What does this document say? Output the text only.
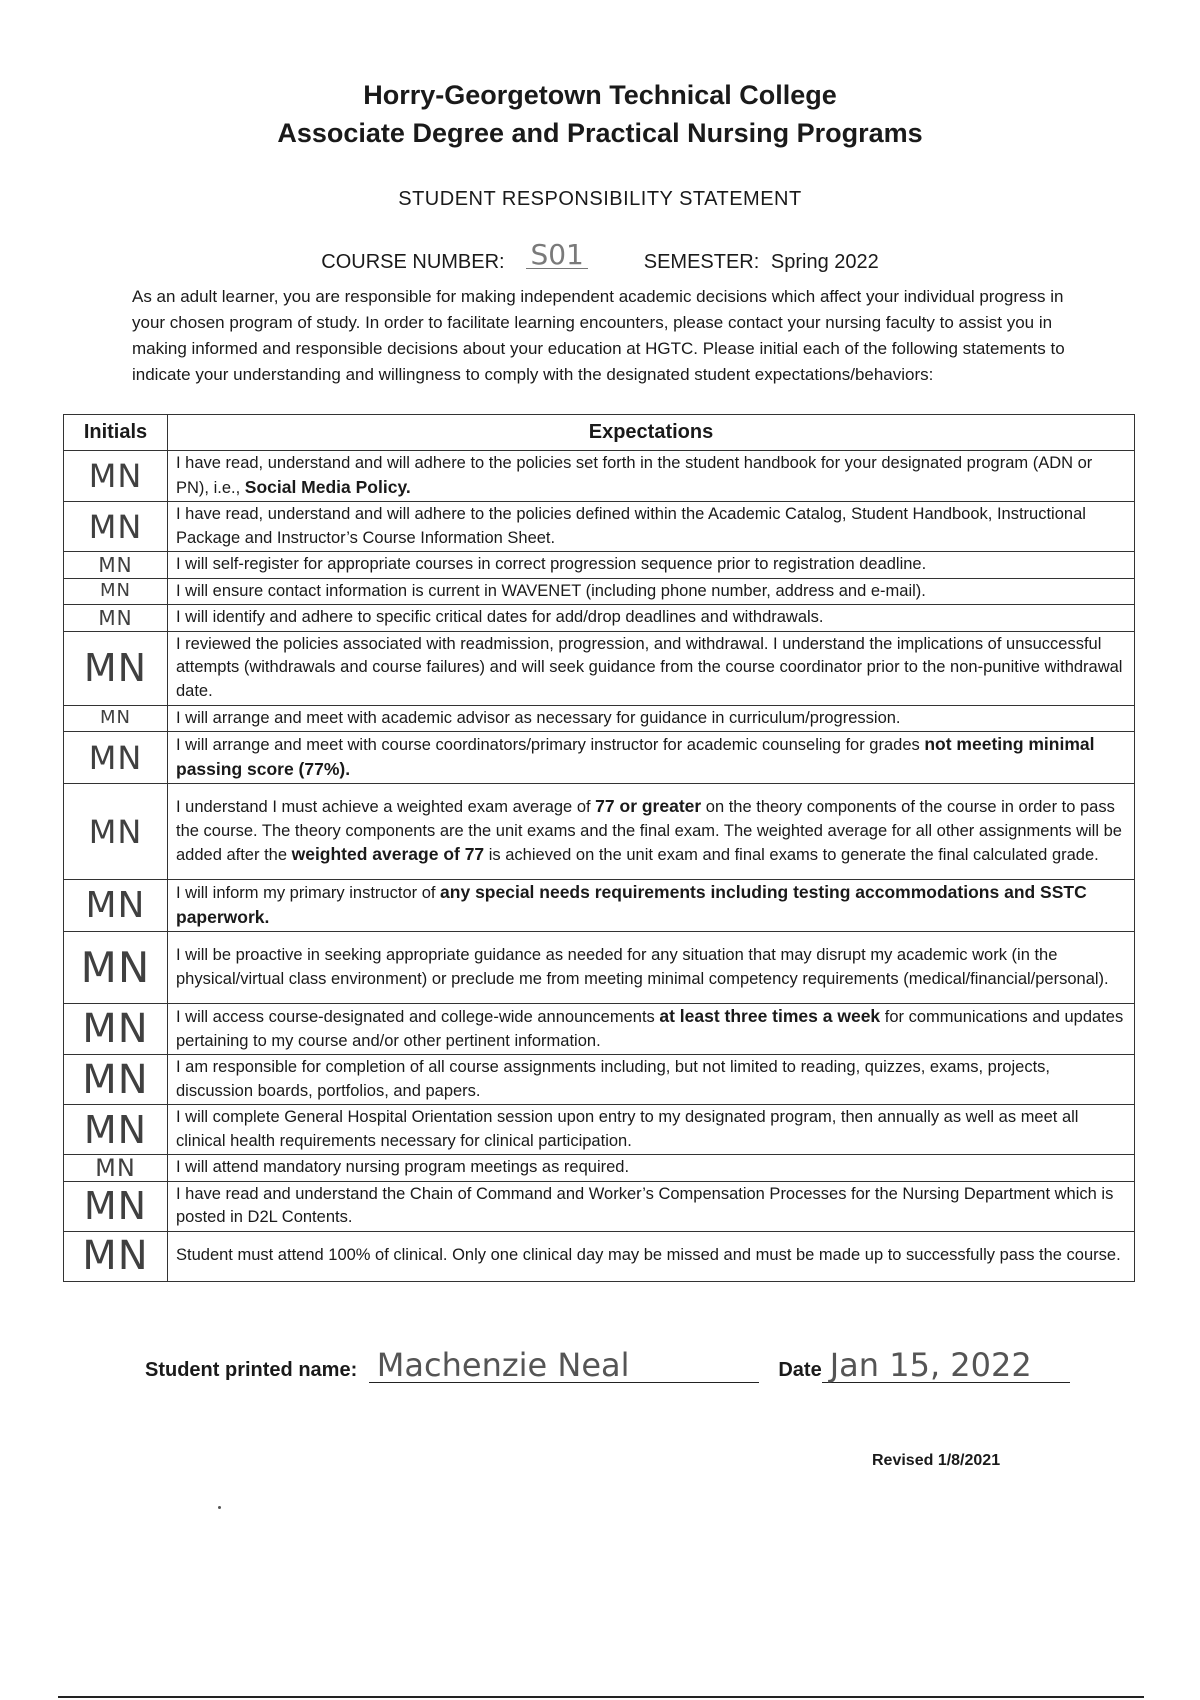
Horry-Georgetown Technical College
Associate Degree and Practical Nursing Programs
STUDENT RESPONSIBILITY STATEMENT
COURSE NUMBER: S01	SEMESTER: Spring 2022

As an adult learner, you are responsible for making independent academic decisions which affect your individual progress in your chosen program of study. In order to facilitate learning encounters, please contact your nursing faculty to assist you in making informed and responsible decisions about your education at HGTC. Please initial each of the following statements to indicate your understanding and willingness to comply with the designated student expectations/behaviors:

Initials	Expectations
MN	I have read, understand and will adhere to the policies set forth in the student handbook for your designated program (ADN or PN), i.e., Social Media Policy.
MN	I have read, understand and will adhere to the policies defined within the Academic Catalog, Student Handbook, Instructional Package and Instructor’s Course Information Sheet.
MN	I will self-register for appropriate courses in correct progression sequence prior to registration deadline.
MN	I will ensure contact information is current in WAVENET (including phone number, address and e-mail).
MN	I will identify and adhere to specific critical dates for add/drop deadlines and withdrawals.
MN	I reviewed the policies associated with readmission, progression, and withdrawal. I understand the implications of unsuccessful attempts (withdrawals and course failures) and will seek guidance from the course coordinator prior to the non-punitive withdrawal date.
MN	I will arrange and meet with academic advisor as necessary for guidance in curriculum/progression.
MN	I will arrange and meet with course coordinators/primary instructor for academic counseling for grades not meeting minimal passing score (77%).
MN	I understand I must achieve a weighted exam average of 77 or greater on the theory components of the course in order to pass the course. The theory components are the unit exams and the final exam. The weighted average for all other assignments will be added after the weighted average of 77 is achieved on the unit exam and final exams to generate the final calculated grade.
MN	I will inform my primary instructor of any special needs requirements including testing accommodations and SSTC paperwork.
MN	I will be proactive in seeking appropriate guidance as needed for any situation that may disrupt my academic work (in the physical/virtual class environment) or preclude me from meeting minimal competency requirements (medical/financial/personal).
MN	I will access course-designated and college-wide announcements at least three times a week for communications and updates pertaining to my course and/or other pertinent information.
MN	I am responsible for completion of all course assignments including, but not limited to reading, quizzes, exams, projects, discussion boards, portfolios, and papers.
MN	I will complete General Hospital Orientation session upon entry to my designated program, then annually as well as meet all clinical health requirements necessary for clinical participation.
MN	I will attend mandatory nursing program meetings as required.
MN	I have read and understand the Chain of Command and Worker’s Compensation Processes for the Nursing Department which is posted in D2L Contents.
MN	Student must attend 100% of clinical. Only one clinical day may be missed and must be made up to successfully pass the course.
Student printed name: Machenzie Neal	Date Jan 15, 2022
Revised 1/8/2021
